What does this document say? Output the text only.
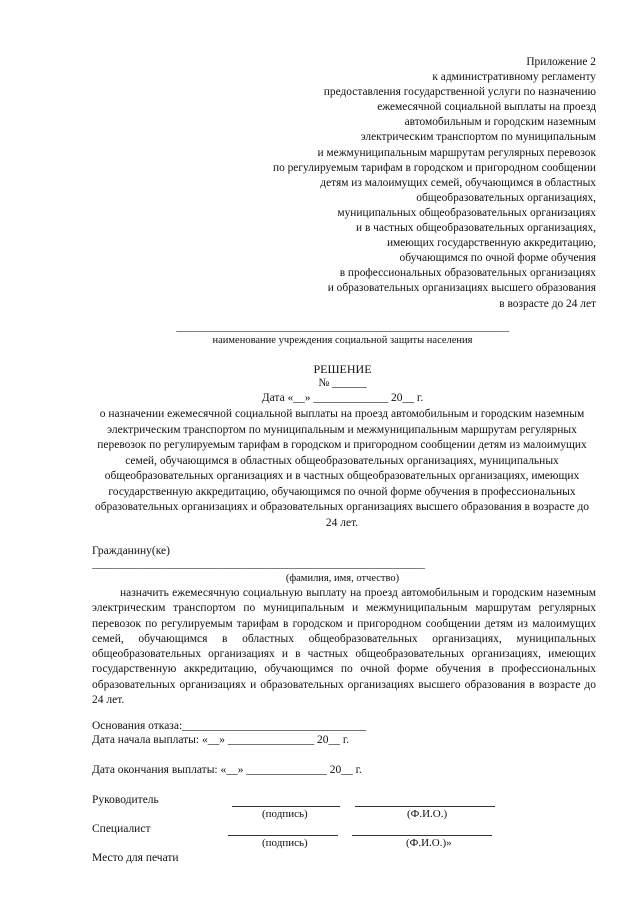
Приложение 2
к административному регламенту
предоставления государственной услуги по назначению
ежемесячной социальной выплаты на проезд
автомобильным и городским наземным
электрическим транспортом по муниципальным
и межмуниципальным маршрутам регулярных перевозок
по регулируемым тарифам в городском и пригородном сообщении
детям из малоимущих семей, обучающимся в областных
общеобразовательных организациях,
муниципальных общеобразовательных организациях
и в частных общеобразовательных организациях,
имеющих государственную аккредитацию,
обучающимся по очной форме обучения
в профессиональных образовательных организациях
и образовательных организациях высшего образования
в возрасте до 24 лет
______________________________________________________________________
наименование учреждения социальной защиты населения
РЕШЕНИЕ
№ ______
Дата «__» _____________ 20__ г.
о назначении ежемесячной социальной выплаты на проезд автомобильным и городским наземным электрическим транспортом по муниципальным и межмуниципальным маршрутам регулярных перевозок по регулируемым тарифам в городском и пригородном сообщении детям из малоимущих семей, обучающимся в областных общеобразовательных организациях, муниципальных общеобразовательных организациях и в частных общеобразовательных организациях, имеющих государственную аккредитацию, обучающимся по очной форме обучения в профессиональных образовательных организациях и образовательных организациях высшего образования в возрасте до 24 лет.
Гражданину(ке)
______________________________________________________________________
(фамилия, имя, отчество)
назначить ежемесячную социальную выплату на проезд автомобильным и городским наземным электрическим транспортом по муниципальным и межмуниципальным маршрутам регулярных перевозок по регулируемым тарифам в городском и пригородном сообщении детям из малоимущих семей, обучающимся в областных общеобразовательных организациях, муниципальных общеобразовательных организациях и в частных общеобразовательных организациях, имеющих государственную аккредитацию, обучающимся по очной форме обучения в профессиональных образовательных организациях и образовательных организациях высшего образования в возрасте до 24 лет.
Основания отказа:________________________________
Дата начала выплаты: «__» _______________ 20__ г.
Дата окончания выплаты: «__» ______________ 20__ г.
Руководитель
(подпись)	(Ф.И.О.)
Специалист
(подпись)	(Ф.И.О.)»
Место для печати
